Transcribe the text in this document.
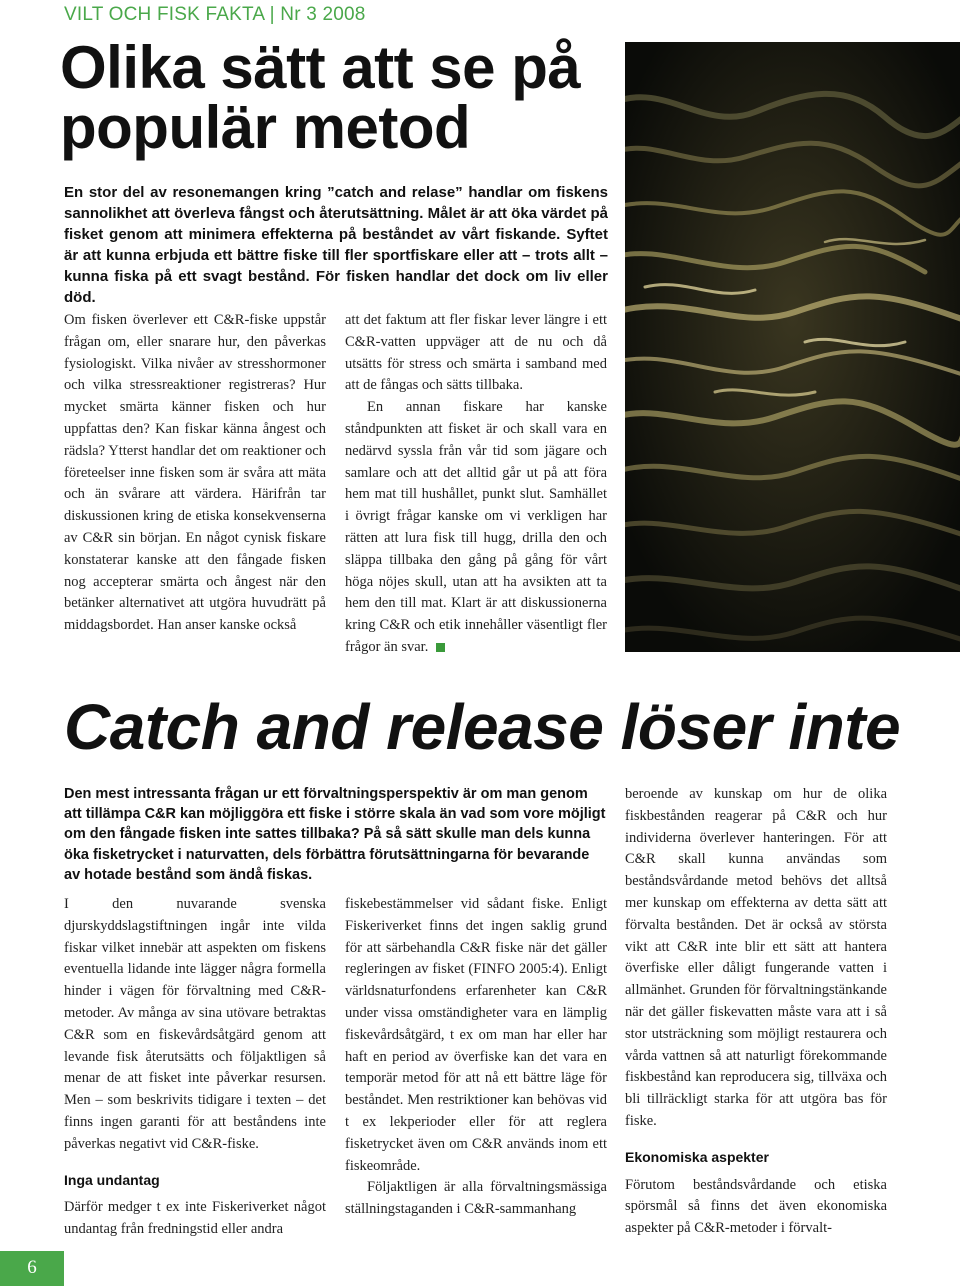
VILT OCH FISK FAKTA | Nr 3 2008
Olika sätt att se på populär metod
En stor del av resonemangen kring ”catch and relase” handlar om fiskens sannolikhet att överleva fångst och återutsättning. Målet är att öka värdet på fisket genom att minimera effekterna på beståndet av vårt fiskande. Syftet är att kunna erbjuda ett bättre fiske till fler sportfiskare eller att – trots allt – kunna fiska på ett svagt bestånd. För fisken handlar det dock om liv eller död.

Om fisken överlever ett C&R-fiske uppstår frågan om, eller snarare hur, den påverkas fysiologiskt. Vilka nivåer av stresshormoner och vilka stressreaktioner registreras? Hur mycket smärta känner fisken och hur uppfattas den? Kan fiskar känna ångest och rädsla? Ytterst handlar det om reaktioner och företeelser inne fisken som är svåra att mäta och än svårare att värdera. Härifrån tar diskussionen kring de etiska konsekvenserna av C&R sin början. En något cynisk fiskare konstaterar kanske att den fångade fisken nog accepterar smärta och ångest när den betänker alternativet att utgöra huvudrätt på middagsbordet. Han anser kanske också

att det faktum att fler fiskar lever längre i ett C&R-vatten uppväger att de nu och då utsätts för stress och smärta i samband med att de fångas och sätts tillbaka.

En annan fiskare har kanske ståndpunkten att fisket är och skall vara en nedärvd syssla från vår tid som jägare och samlare och att det alltid går ut på att föra hem mat till hushållet, punkt slut. Samhället i övrigt frågar kanske om vi verkligen har rätten att lura fisk till hugg, drilla den och släppa tillbaka den gång på gång för vårt höga nöjes skull, utan att ha avsikten att ta hem den till mat. Klart är att diskussionerna kring C&R och etik innehåller väsentligt fler frågor än svar.

Catch and release löser inte
Den mest intressanta frågan ur ett förvaltningsperspektiv är om man genom att tillämpa C&R kan möjliggöra ett fiske i större skala än vad som vore möjligt om den fångade fisken inte sattes tillbaka? På så sätt skulle man dels kunna öka fisketrycket i naturvatten, dels förbättra förutsättningarna för bevarande av hotade bestånd som ändå fiskas.

I den nuvarande svenska djurskyddslagstiftningen ingår inte vilda fiskar vilket innebär att aspekten om fiskens eventuella lidande inte lägger några formella hinder i vägen för förvaltning med C&R-metoder. Av många av sina utövare betraktas C&R som en fiskevårdsåtgärd genom att levande fisk återutsätts och följaktligen så menar de att fisket inte påverkar resursen. Men – som beskrivits tidigare i texten – det finns ingen garanti för att beståndens inte påverkas negativt vid C&R-fiske.

Inga undantag

Därför medger t ex inte Fiskeriverket något undantag från fredningstid eller andra

fiskebestämmelser vid sådant fiske. Enligt Fiskeriverket finns det ingen saklig grund för att särbehandla C&R fiske när det gäller regleringen av fisket (FINFO 2005:4). Enligt världsnaturfondens erfarenheter kan C&R under vissa omständigheter vara en lämplig fiskevårdsåtgärd, t ex om man har eller har haft en period av överfiske kan det vara en temporär metod för att nå ett bättre läge för beståndet. Men restriktioner kan behövas vid t ex lekperioder eller för att reglera fisketrycket även om C&R används inom ett fiskeområde.

Följaktligen är alla förvaltningsmässiga ställningstaganden i C&R-sammanhang

beroende av kunskap om hur de olika fiskbestånden reagerar på C&R och hur individerna överlever hanteringen. För att C&R skall kunna användas som beståndsvårdande metod behövs det alltså mer kunskap om effekterna av detta sätt att förvalta bestånden. Det är också av största vikt att C&R inte blir ett sätt att hantera överfiske eller dåligt fungerande vatten i allmänhet. Grunden för förvaltningstänkande när det gäller fiskevatten måste vara att i så stor utsträckning som möjligt restaurera och vårda vattnen så att naturligt förekommande fiskbestånd kan reproducera sig, tillväxa och bli tillräckligt starka för att utgöra bas för fiske.

Ekonomiska aspekter

Förutom beståndsvårdande och etiska spörsmål så finns det även ekonomiska aspekter på C&R-metoder i förvalt-

6
